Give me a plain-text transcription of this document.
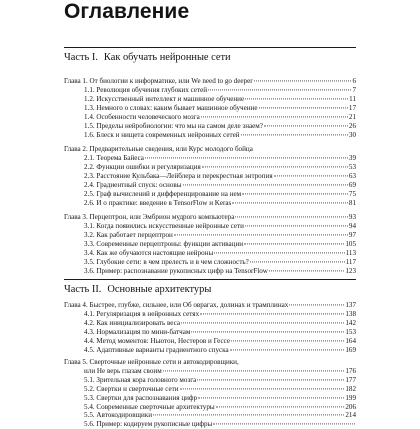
Оглавление
Часть I. Как обучать нейронные сети
Глава 1. От биологии к информатике, или We need to go deeper	6
1.1. Революция обучения глубоких сетей	7
1.2. Искусственный интеллект и машинное обучение	11
1.3. Немного о словах: каким бывает машинное обучение	17
1.4. Особенности человеческого мозга	21
1.5. Пределы нейробиологии: что мы на самом деле знаем?	26
1.6. Блеск и нищета современных нейронных сетей	30
Глава 2. Предварительные сведения, или Курс молодого бойца
2.1. Теорема Байеса	39
2.2. Функции ошибки и регуляризация	53
2.3. Расстояние Кульбака—Лейблера и перекрестная энтропия	63
2.4. Градиентный спуск: основы	69
2.5. Граф вычислений и дифференцирование на нем	75
2.6. И о практике: введение в TensorFlow и Keras	81
Глава 3. Перцептрон, или Эмбрион мудрого компьютера	93
3.1. Когда появились искусственные нейронные сети	94
3.2. Как работает перцептрон	97
3.3. Современные перцептроны: функции активации	105
3.4. Как же обучаются настоящие нейроны	113
3.5. Глубокие сети: в чем прелесть и в чем сложность?	117
3.6. Пример: распознавание рукописных цифр на TensorFlow	123
Часть II. Основные архитектуры
Глава 4. Быстрее, глубже, сильнее, или Об оврагах, долинах и трамплинах	137
4.1. Регуляризация в нейронных сетях	138
4.2. Как инициализировать веса	142
4.3. Нормализация по мини-батчам	153
4.4. Метод моментов: Ньютон, Нестеров и Гессе	164
4.5. Адаптивные варианты градиентного спуска	169
Глава 5. Сверточные нейронные сети и автокодировщики,
или Не верь глазам своим	176
5.1. Зрительная кора головного мозга	177
5.2. Свертки и сверточные сети	182
5.3. Свертки для распознавания цифр	199
5.4. Современные сверточные архитектуры	206
5.5. Автокодировщики	214
5.6. Пример: кодируем рукописные цифры
